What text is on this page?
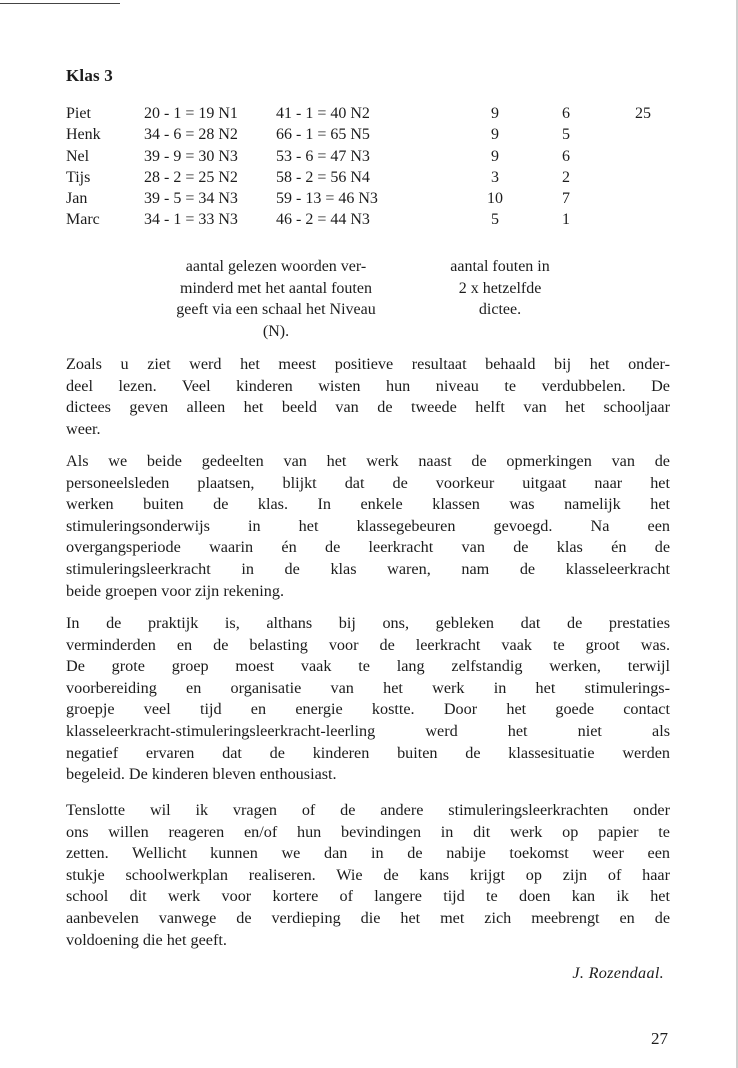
Klas 3
Piet	20 - 1 = 19 N1 41 - 1 = 40 N2	9	6	25
Henk	34 - 6 = 28 N2 66 - 1 = 65 N5	9	5
Nel	39 - 9 = 30 N3 53 - 6 = 47 N3	9	6
Tijs	28 - 2 = 25 N2 58 - 2 = 56 N4	3	2
Jan	39 - 5 = 34 N3 59 - 13 = 46 N3	10	7
Marc	34 - 1 = 33 N3 46 - 2 = 44 N3	5	1
aantal gelezen woorden ver-
minderd met het aantal fouten
geeft via een schaal het Niveau
(N).
aantal fouten in
2 x hetzelfde
dictee.
Zoals u ziet werd het meest positieve resultaat behaald bij het onder-
deel lezen. Veel kinderen wisten hun niveau te verdubbelen. De
dictees geven alleen het beeld van de tweede helft van het schooljaar
weer.
Als we beide gedeelten van het werk naast de opmerkingen van de
personeelsleden plaatsen, blijkt dat de voorkeur uitgaat naar het
werken buiten de klas. In enkele klassen was namelijk het
stimuleringsonderwijs in het klassegebeuren gevoegd. Na een
overgangsperiode waarin én de leerkracht van de klas én de
stimuleringsleerkracht in de klas waren, nam de klasseleerkracht
beide groepen voor zijn rekening.
In de praktijk is, althans bij ons, gebleken dat de prestaties
verminderden en de belasting voor de leerkracht vaak te groot was.
De grote groep moest vaak te lang zelfstandig werken, terwijl
voorbereiding en organisatie van het werk in het stimulerings-
groepje veel tijd en energie kostte. Door het goede contact
klasseleerkracht-stimuleringsleerkracht-leerling werd het niet als
negatief ervaren dat de kinderen buiten de klassesituatie werden
begeleid. De kinderen bleven enthousiast.
Tenslotte wil ik vragen of de andere stimuleringsleerkrachten onder
ons willen reageren en/of hun bevindingen in dit werk op papier te
zetten. Wellicht kunnen we dan in de nabije toekomst weer een
stukje schoolwerkplan realiseren. Wie de kans krijgt op zijn of haar
school dit werk voor kortere of langere tijd te doen kan ik het
aanbevelen vanwege de verdieping die het met zich meebrengt en de
voldoening die het geeft.
J. Rozendaal.
27
